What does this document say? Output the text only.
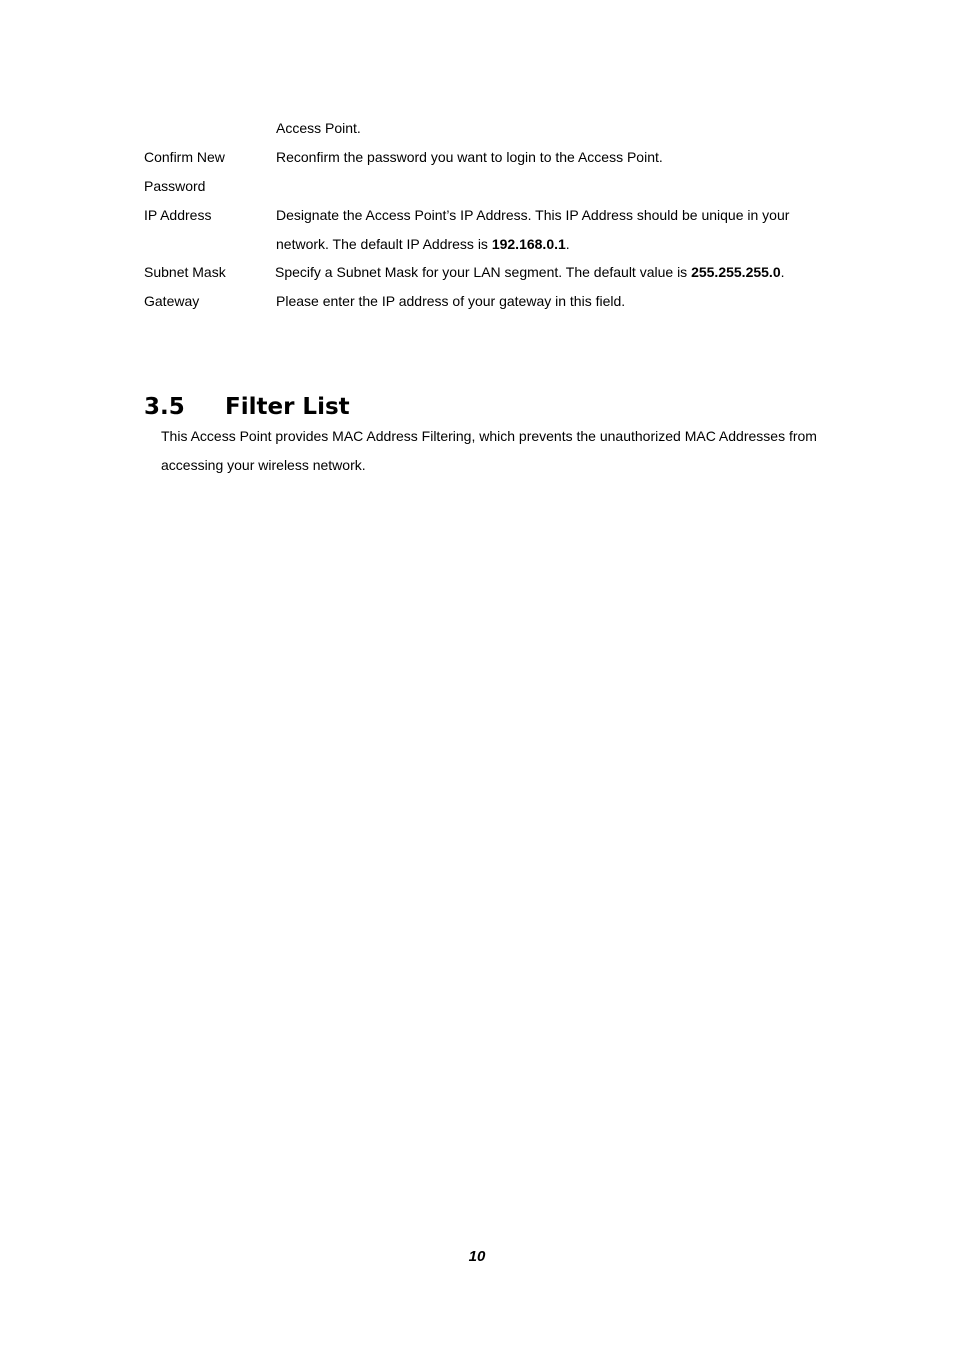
Access Point.
Confirm New	Reconfirm the password you want to login to the Access Point.
Password
IP Address	Designate the Access Point’s IP Address. This IP Address should be unique in your
network. The default IP Address is 192.168.0.1.
Subnet Mask	Specify a Subnet Mask for your LAN segment. The default value is 255.255.255.0.
Gateway	Please enter the IP address of your gateway in this field.
3.5 Filter List
This Access Point provides MAC Address Filtering, which prevents the unauthorized MAC Addresses from accessing your wireless network.
10
